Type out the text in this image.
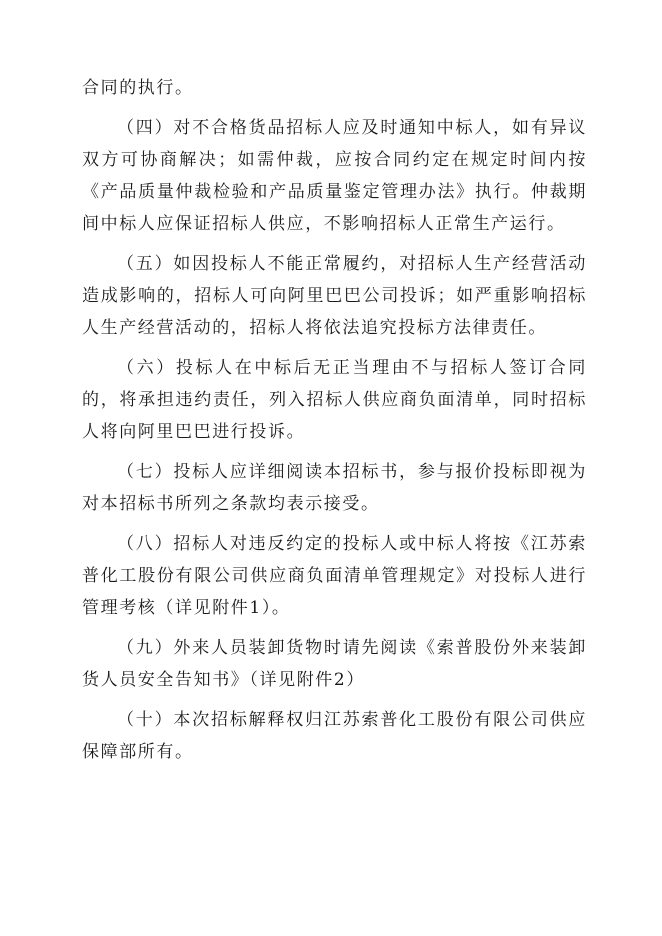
合同的执行。

（四）对不合格货品招标人应及时通知中标人，如有异议双方可协商解决；如需仲裁，应按合同约定在规定时间内按《产品质量仲裁检验和产品质量鉴定管理办法》执行。仲裁期间中标人应保证招标人供应，不影响招标人正常生产运行。

（五）如因投标人不能正常履约，对招标人生产经营活动造成影响的，招标人可向阿里巴巴公司投诉；如严重影响招标人生产经营活动的，招标人将依法追究投标方法律责任。

（六）投标人在中标后无正当理由不与招标人签订合同的，将承担违约责任，列入招标人供应商负面清单，同时招标人将向阿里巴巴进行投诉。

（七）投标人应详细阅读本招标书，参与报价投标即视为对本招标书所列之条款均表示接受。

（八）招标人对违反约定的投标人或中标人将按《江苏索普化工股份有限公司供应商负面清单管理规定》对投标人进行管理考核（详见附件1）。

（九）外来人员装卸货物时请先阅读《索普股份外来装卸货人员安全告知书》（详见附件2）

（十）本次招标解释权归江苏索普化工股份有限公司供应保障部所有。
